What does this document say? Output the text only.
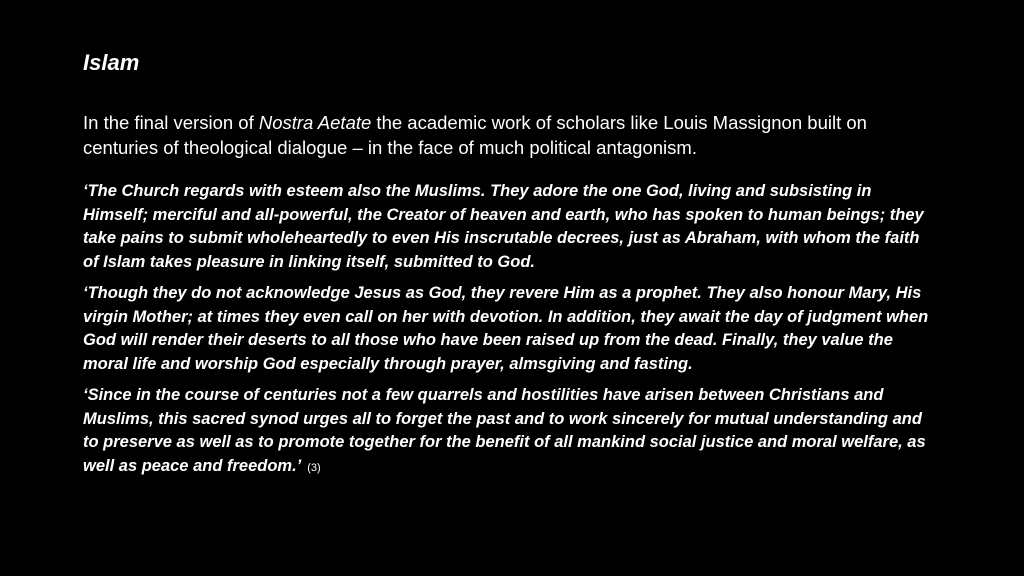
Islam

In the final version of Nostra Aetate the academic work of scholars like Louis Massignon built on centuries of theological dialogue – in the face of much political antagonism.

‘The Church regards with esteem also the Muslims. They adore the one God, living and subsisting in Himself; merciful and all-powerful, the Creator of heaven and earth, who has spoken to human beings; they take pains to submit wholeheartedly to even His inscrutable decrees, just as Abraham, with whom the faith of Islam takes pleasure in linking itself, submitted to God.

‘Though they do not acknowledge Jesus as God, they revere Him as a prophet. They also honour Mary, His virgin Mother; at times they even call on her with devotion. In addition, they await the day of judgment when God will render their deserts to all those who have been raised up from the dead. Finally, they value the moral life and worship God especially through prayer, almsgiving and fasting.

‘Since in the course of centuries not a few quarrels and hostilities have arisen between Christians and Muslims, this sacred synod urges all to forget the past and to work sincerely for mutual understanding and to preserve as well as to promote together for the benefit of all mankind social justice and moral welfare, as well as peace and freedom.’ (3)
